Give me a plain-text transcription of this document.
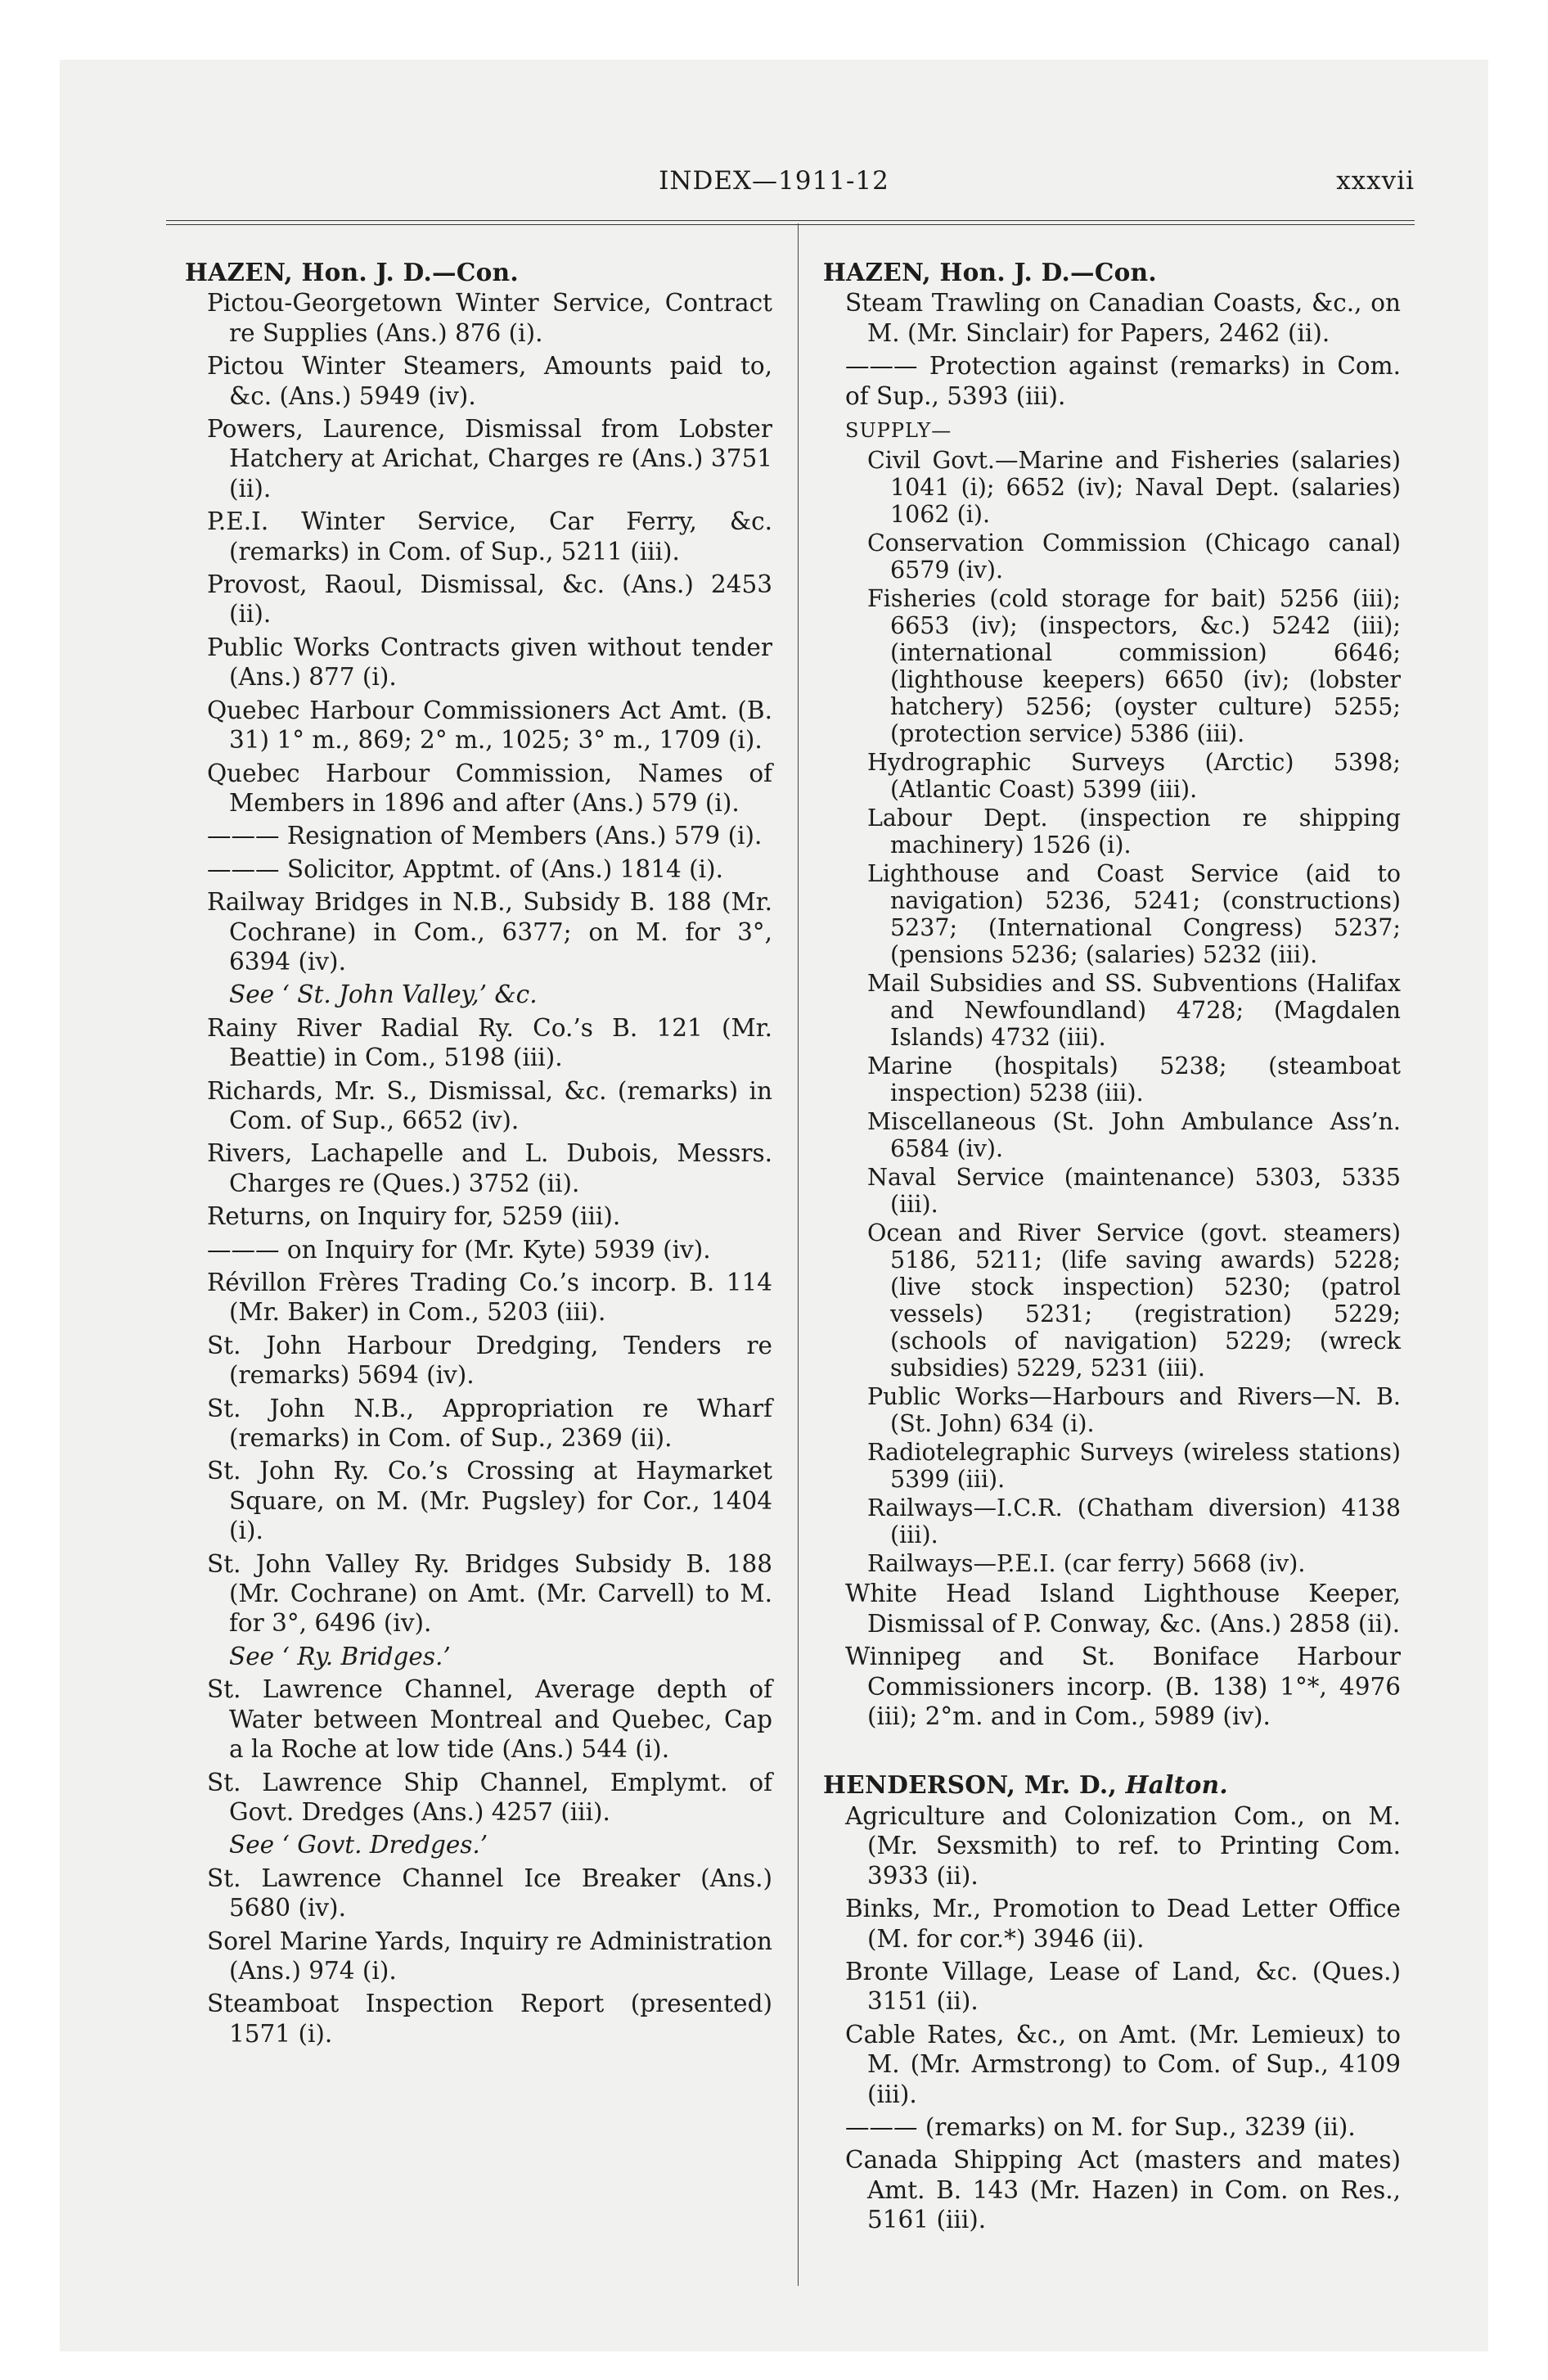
INDEX—1911-12	xxxvii
HAZEN, Hon. J. D.—Con.
Pictou-Georgetown Winter Service, Contract re Supplies (Ans.) 876 (i).
Pictou Winter Steamers, Amounts paid to, &c. (Ans.) 5949 (iv).
Powers, Laurence, Dismissal from Lobster Hatchery at Arichat, Charges re (Ans.) 3751 (ii).
P.E.I. Winter Service, Car Ferry, &c. (remarks) in Com. of Sup., 5211 (iii).
Provost, Raoul, Dismissal, &c. (Ans.) 2453 (ii).
Public Works Contracts given without tender (Ans.) 877 (i).
Quebec Harbour Commissioners Act Amt. (B. 31) 1° m., 869; 2° m., 1025; 3° m., 1709 (i).
Quebec Harbour Commission, Names of Members in 1896 and after (Ans.) 579 (i).
——— Resignation of Members (Ans.) 579 (i).
——— Solicitor, Apptmt. of (Ans.) 1814 (i).
Railway Bridges in N.B., Subsidy B. 188 (Mr. Cochrane) in Com., 6377; on M. for 3°, 6394 (iv).
See ‘ St. John Valley,’ &c.
Rainy River Radial Ry. Co.’s B. 121 (Mr. Beattie) in Com., 5198 (iii).
Richards, Mr. S., Dismissal, &c. (remarks) in Com. of Sup., 6652 (iv).
Rivers, Lachapelle and L. Dubois, Messrs. Charges re (Ques.) 3752 (ii).
Returns, on Inquiry for, 5259 (iii).
——— on Inquiry for (Mr. Kyte) 5939 (iv).
Révillon Frères Trading Co.’s incorp. B. 114 (Mr. Baker) in Com., 5203 (iii).
St. John Harbour Dredging, Tenders re (remarks) 5694 (iv).
St. John N.B., Appropriation re Wharf (remarks) in Com. of Sup., 2369 (ii).
St. John Ry. Co.’s Crossing at Haymarket Square, on M. (Mr. Pugsley) for Cor., 1404 (i).
St. John Valley Ry. Bridges Subsidy B. 188 (Mr. Cochrane) on Amt. (Mr. Carvell) to M. for 3°, 6496 (iv).
See ‘ Ry. Bridges.’
St. Lawrence Channel, Average depth of Water between Montreal and Quebec, Cap a la Roche at low tide (Ans.) 544 (i).
St. Lawrence Ship Channel, Emplymt. of Govt. Dredges (Ans.) 4257 (iii).
See ‘ Govt. Dredges.’
St. Lawrence Channel Ice Breaker (Ans.) 5680 (iv).
Sorel Marine Yards, Inquiry re Administration (Ans.) 974 (i).
Steamboat Inspection Report (presented) 1571 (i).
HAZEN, Hon. J. D.—Con.
Steam Trawling on Canadian Coasts, &c., on M. (Mr. Sinclair) for Papers, 2462 (ii).
——— Protection against (remarks) in Com. of Sup., 5393 (iii).
SUPPLY—
Civil Govt.—Marine and Fisheries (salaries) 1041 (i); 6652 (iv); Naval Dept. (salaries) 1062 (i).
Conservation Commission (Chicago canal) 6579 (iv).
Fisheries (cold storage for bait) 5256 (iii); 6653 (iv); (inspectors, &c.) 5242 (iii); (international commission) 6646; (lighthouse keepers) 6650 (iv); (lobster hatchery) 5256; (oyster culture) 5255; (protection service) 5386 (iii).
Hydrographic Surveys (Arctic) 5398; (Atlantic Coast) 5399 (iii).
Labour Dept. (inspection re shipping machinery) 1526 (i).
Lighthouse and Coast Service (aid to navigation) 5236, 5241; (constructions) 5237; (International Congress) 5237; (pensions 5236; (salaries) 5232 (iii).
Mail Subsidies and SS. Subventions (Halifax and Newfoundland) 4728; (Magdalen Islands) 4732 (iii).
Marine (hospitals) 5238; (steamboat inspection) 5238 (iii).
Miscellaneous (St. John Ambulance Ass’n. 6584 (iv).
Naval Service (maintenance) 5303, 5335 (iii).
Ocean and River Service (govt. steamers) 5186, 5211; (life saving awards) 5228; (live stock inspection) 5230; (patrol vessels) 5231; (registration) 5229; (schools of navigation) 5229; (wreck subsidies) 5229, 5231 (iii).
Public Works—Harbours and Rivers—N. B. (St. John) 634 (i).
Radiotelegraphic Surveys (wireless stations) 5399 (iii).
Railways—I.C.R. (Chatham diversion) 4138 (iii).
Railways—P.E.I. (car ferry) 5668 (iv).
White Head Island Lighthouse Keeper, Dismissal of P. Conway, &c. (Ans.) 2858 (ii).
Winnipeg and St. Boniface Harbour Commissioners incorp. (B. 138) 1°*, 4976 (iii); 2°m. and in Com., 5989 (iv).
HENDERSON, Mr. D., Halton.
Agriculture and Colonization Com., on M. (Mr. Sexsmith) to ref. to Printing Com. 3933 (ii).
Binks, Mr., Promotion to Dead Letter Office (M. for cor.*) 3946 (ii).
Bronte Village, Lease of Land, &c. (Ques.) 3151 (ii).
Cable Rates, &c., on Amt. (Mr. Lemieux) to M. (Mr. Armstrong) to Com. of Sup., 4109 (iii).
——— (remarks) on M. for Sup., 3239 (ii).
Canada Shipping Act (masters and mates) Amt. B. 143 (Mr. Hazen) in Com. on Res., 5161 (iii).
